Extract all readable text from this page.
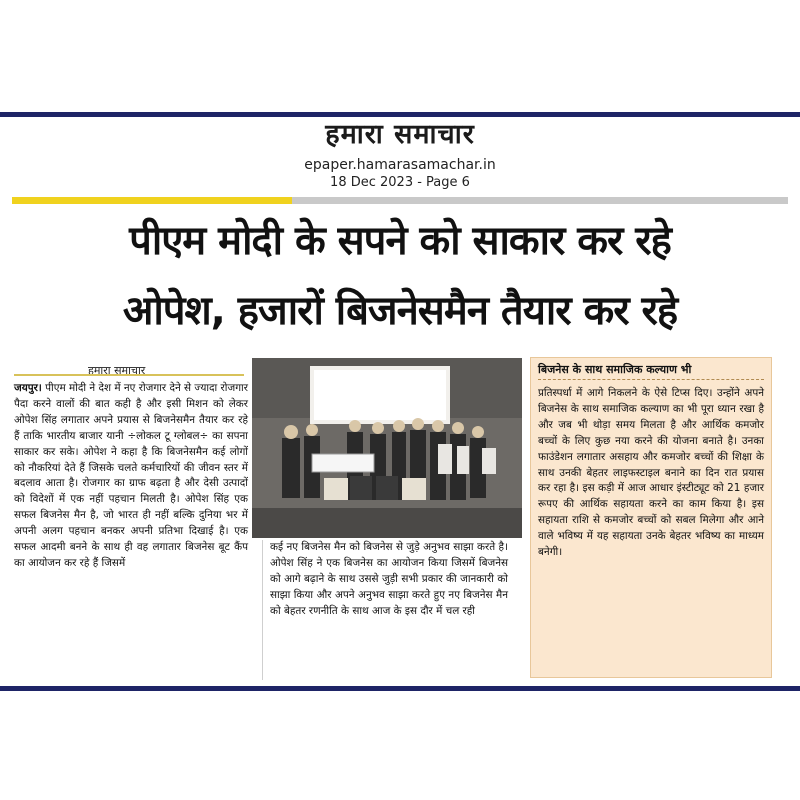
हमारा समाचार
epaper.hamarasamachar.in
18 Dec 2023 - Page 6
पीएम मोदी के सपने को साकार कर रहे
ओपेश, हजारों बिजनेसमैन तैयार कर रहे
हमारा समाचार
जयपुर। पीएम मोदी ने देश में नए रोजगार देने से ज्यादा रोजगार पैदा करने वालों की बात कही है और इसी मिशन को लेकर ओपेश सिंह लगातार अपने प्रयास से बिजनेसमैन तैयार कर रहे हैं ताकि भारतीय बाजार यानी ÷लोकल टू ग्लोबल÷ का सपना साकार कर सके। ओपेश ने कहा है कि बिजनेसमैन कई लोगों को नौकरियां देते हैं जिसके चलते कर्मचारियों की जीवन स्तर में बदलाव आता है। रोजगार का ग्राफ बढ़ता है और देसी उत्पादों को विदेशों में एक नहीं पहचान मिलती है। ओपेश सिंह एक सफल बिजनेस मैन है, जो भारत ही नहीं बल्कि दुनिया भर में अपनी अलग पहचान बनकर अपनी प्रतिभा दिखाई है। एक सफल आदमी बनने के साथ ही वह लगातार बिजनेस बूट कैंप का आयोजन कर रहे हैं जिसमें
कई नए बिजनेस मैन को बिजनेस से जुड़े अनुभव साझा करते है। ओपेश सिंह ने एक बिजनेस का आयोजन किया जिसमें बिजनेस को आगे बढ़ाने के साथ उससे जुड़ी सभी प्रकार की जानकारी को साझा किया और अपने अनुभव साझा करते हुए नए बिजनेस मैन को बेहतर रणनीति के साथ आज के इस दौर में चल रही
बिजनेस के साथ समाजिक कल्याण भी
प्रतिस्पर्धा में आगे निकलने के ऐसे टिप्स दिए। उन्होंने अपने बिजनेस के साथ समाजिक कल्याण का भी पूरा ध्यान रखा है और जब भी थोड़ा समय मिलता है और आर्थिक कमजोर बच्चों के लिए कुछ नया करने की योजना बनाते है। उनका फाउंडेशन लगातार असहाय और कमजोर बच्चों की शिक्षा के साथ उनकी बेहतर लाइफस्टाइल बनाने का दिन रात प्रयास कर रहा है। इस कड़ी में आज आधार इंस्टीट्यूट को 21 हजार रूपए की आर्थिक सहायता करने का काम किया है। इस सहायता राशि से कमजोर बच्चों को सबल मिलेगा और आने वाले भविष्य में यह सहायता उनके बेहतर भविष्य का माध्यम बनेगी।
